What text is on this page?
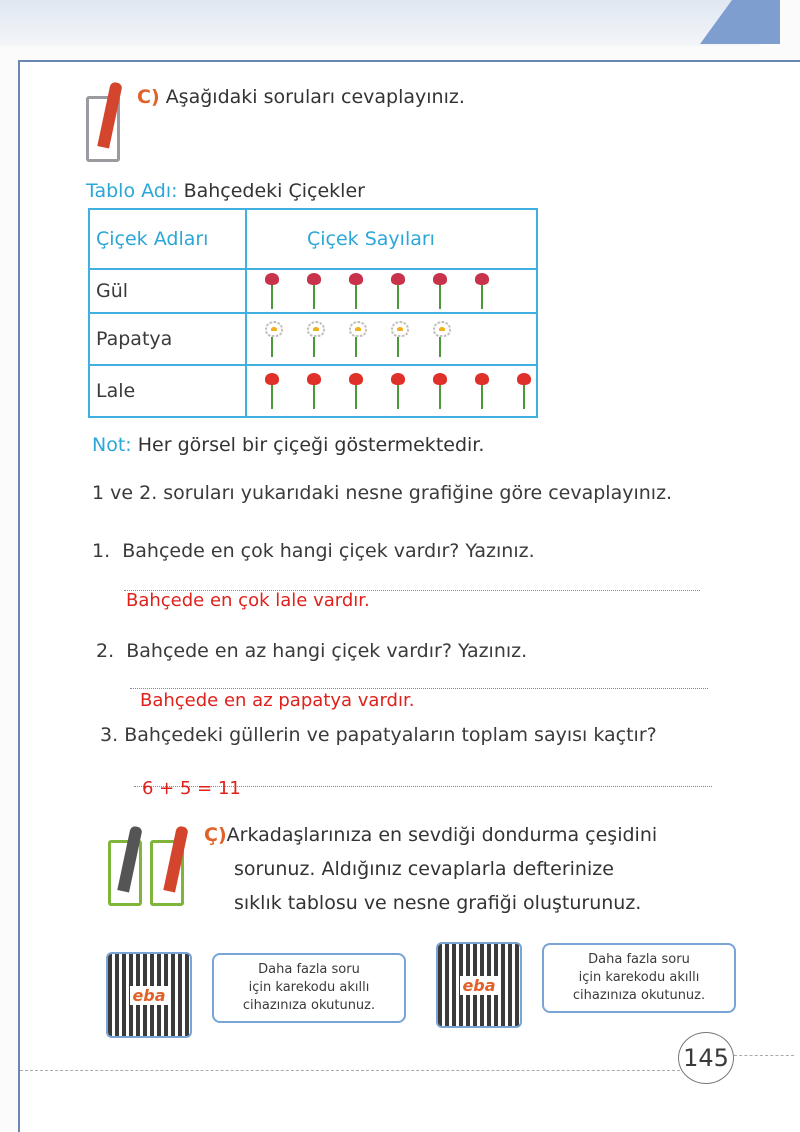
C) Aşağıdaki soruları cevaplayınız.
Tablo Adı: Bahçedeki Çiçekler
Çiçek Adları	Çiçek Sayıları
Gül	

Papatya	

Lale	
Not: Her görsel bir çiçeği göstermektedir.
1 ve 2. soruları yukarıdaki nesne grafiğine göre cevaplayınız.
1. Bahçede en çok hangi çiçek vardır? Yazınız.
Bahçede en çok lale vardır.
2. Bahçede en az hangi çiçek vardır? Yazınız.
Bahçede en az papatya vardır.
3. Bahçedeki güllerin ve papatyaların toplam sayısı kaçtır?
6 + 5 = 11
Ç)Arkadaşlarınıza en sevdiği dondurma çeşidini
sorunuz. Aldığınız cevaplarla defterinize
sıklık tablosu ve nesne grafiği oluşturunuz.
eba
Daha fazla soru
için karekodu akıllı
cihazınıza okutunuz.
eba
Daha fazla soru
için karekodu akıllı
cihazınıza okutunuz.
145
